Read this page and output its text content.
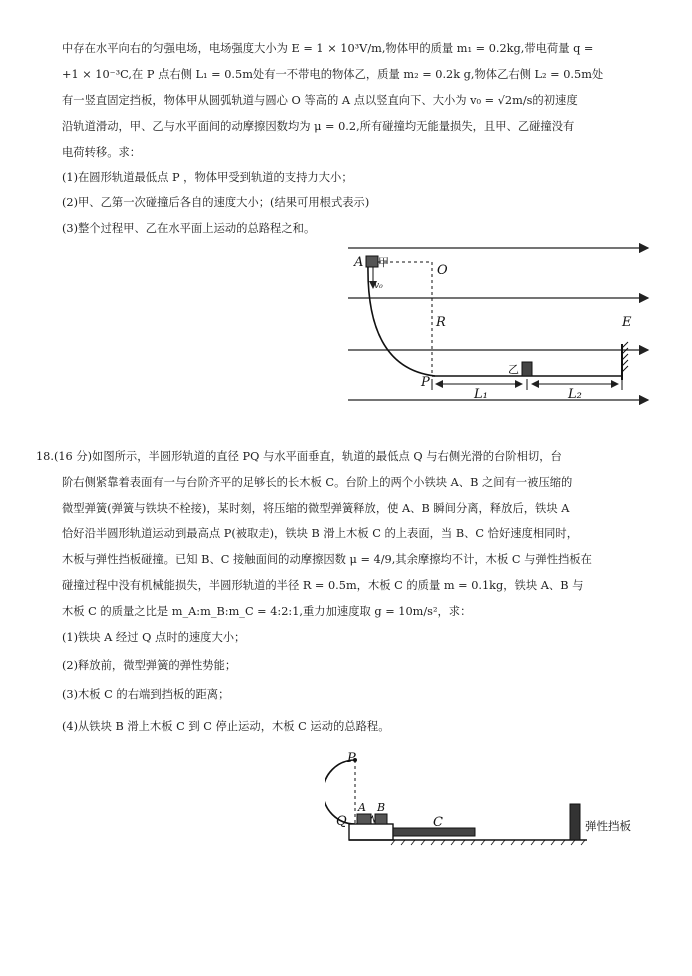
中存在水平向右的匀强电场，电场强度大小为 E = 1 × 10³V/m,物体甲的质量 m₁ = 0.2kg,带电荷量 q =
+1 × 10⁻³C,在 P 点右侧 L₁ = 0.5m处有一不带电的物体乙，质量 m₂ = 0.2k g,物体乙右侧 L₂ = 0.5m处
有一竖直固定挡板，物体甲从圆弧轨道与圆心 O 等高的 A 点以竖直向下、大小为 v₀ = √2m/s的初速度
沿轨道滑动，甲、乙与水平面间的动摩擦因数均为 μ = 0.2,所有碰撞均无能量损失，且甲、乙碰撞没有
电荷转移。求：
(1)在圆形轨道最低点 P ，物体甲受到轨道的支持力大小；
(2)甲、乙第一次碰撞后各自的速度大小；(结果可用根式表示)
(3)整个过程甲、乙在水平面上运动的总路程之和。
A 甲
v₀
O
R	E
乙
P
L₁	L₂
18.(16 分)如图所示，半圆形轨道的直径 PQ 与水平面垂直，轨道的最低点 Q 与右侧光滑的台阶相切，台
阶右侧紧靠着表面有一与台阶齐平的足够长的长木板 C。台阶上的两个小铁块 A、B 之间有一被压缩的
微型弹簧(弹簧与铁块不栓接)，某时刻，将压缩的微型弹簧释放，使 A、B 瞬间分离，释放后，铁块 A
恰好沿半圆形轨道运动到最高点 P(被取走)，铁块 B 滑上木板 C 的上表面，当 B、C 恰好速度相同时，
木板与弹性挡板碰撞。已知 B、C 接触面间的动摩擦因数 μ = 4/9,其余摩擦均不计，木板 C 与弹性挡板在
碰撞过程中没有机械能损失，半圆形轨道的半径 R = 0.5m，木板 C 的质量 m = 0.1kg，铁块 A、B 与
木板 C 的质量之比是 m_A:m_B:m_C = 4:2:1,重力加速度取 g = 10m/s²，求：
(1)铁块 A 经过 Q 点时的速度大小；
(2)释放前，微型弹簧的弹性势能；
(3)木板 C 的右端到挡板的距离；
(4)从铁块 B 滑上木板 C 到 C 停止运动，木板 C 运动的总路程。
P
Q
A B
C	弹性挡板
